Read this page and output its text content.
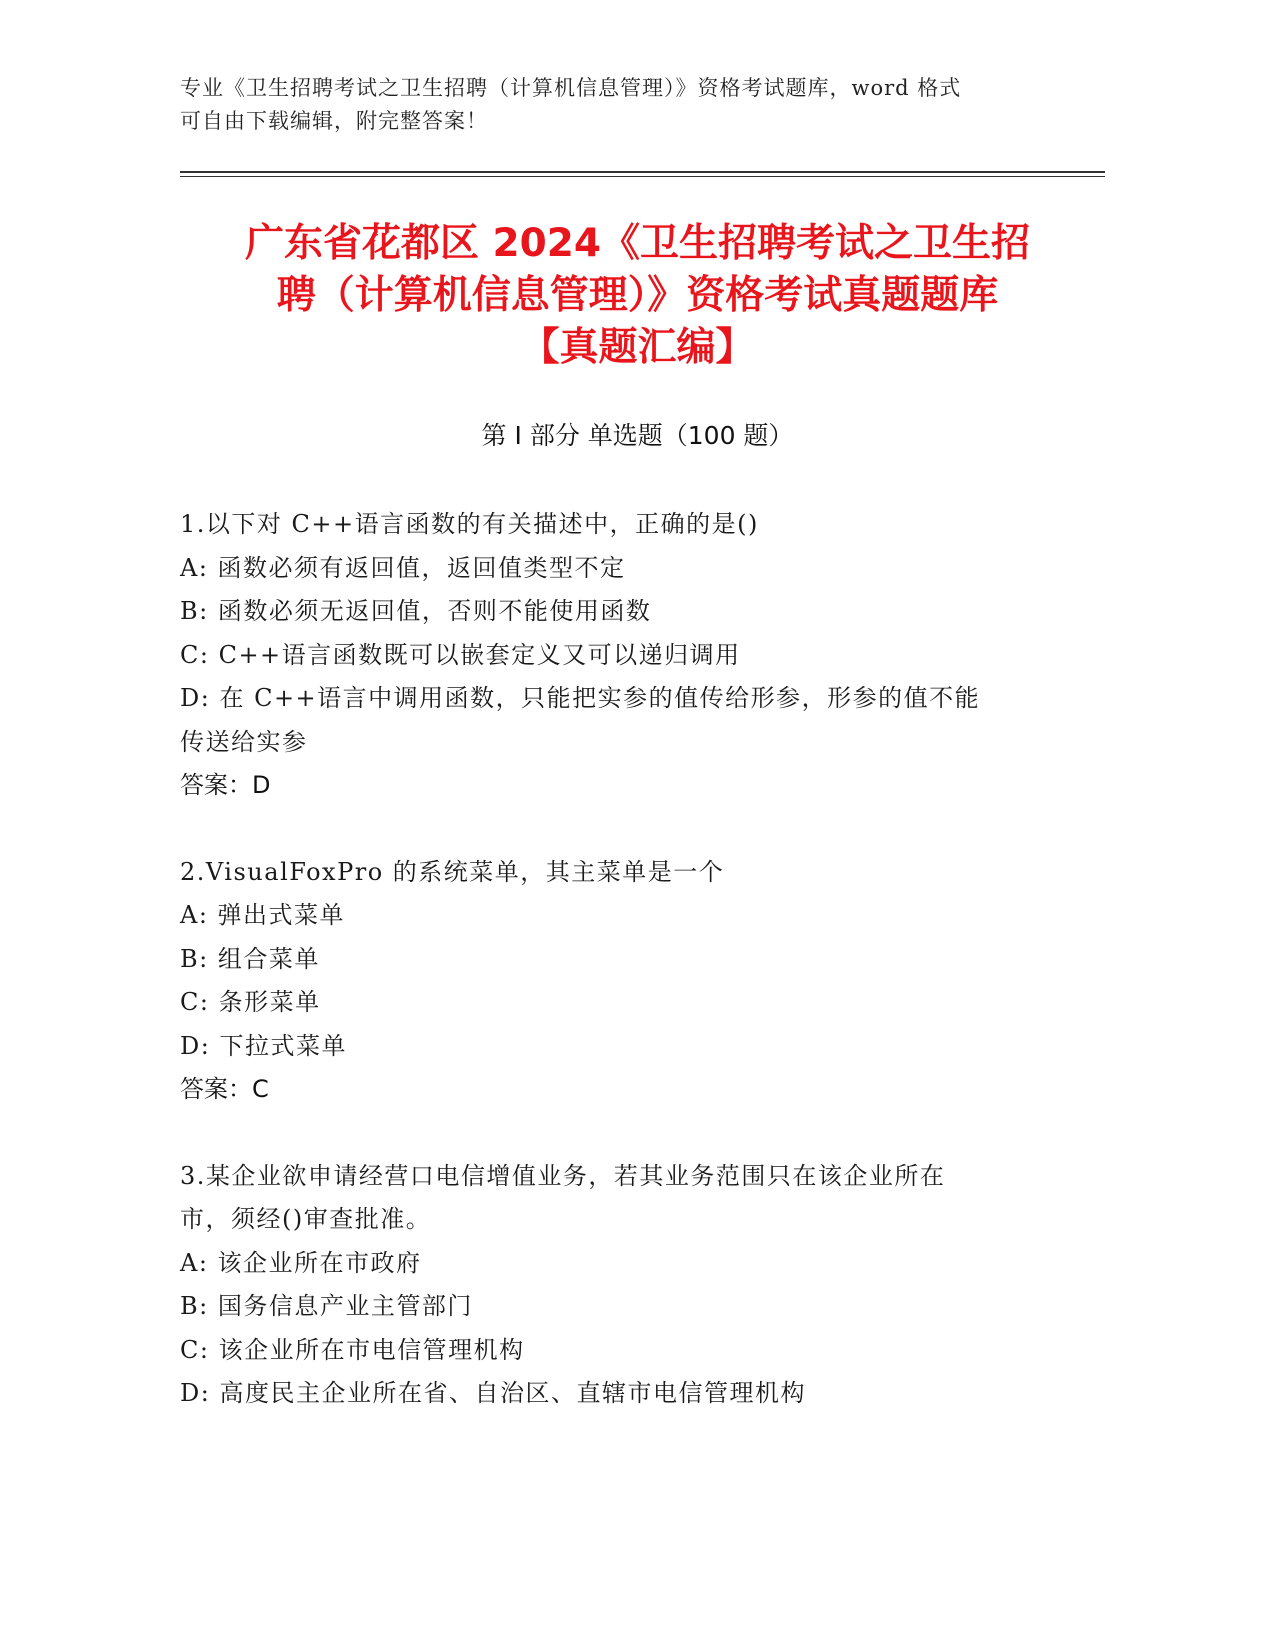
专业《卫生招聘考试之卫生招聘（计算机信息管理）》资格考试题库，word 格式
可自由下载编辑，附完整答案！
广东省花都区 2024《卫生招聘考试之卫生招
聘（计算机信息管理）》资格考试真题题库
【真题汇编】
第 I 部分 单选题（100 题）
1.以下对 C++语言函数的有关描述中，正确的是()
A: 函数必须有返回值，返回值类型不定
B: 函数必须无返回值，否则不能使用函数
C: C++语言函数既可以嵌套定义又可以递归调用
D: 在 C++语言中调用函数，只能把实参的值传给形参，形参的值不能
传送给实参
答案：D
2.VisualFoxPro 的系统菜单，其主菜单是一个
A: 弹出式菜单
B: 组合菜单
C: 条形菜单
D: 下拉式菜单
答案：C
3.某企业欲申请经营口电信增值业务，若其业务范围只在该企业所在
市，须经()审查批准。
A: 该企业所在市政府
B: 国务信息产业主管部门
C: 该企业所在市电信管理机构
D: 高度民主企业所在省、自治区、直辖市电信管理机构
